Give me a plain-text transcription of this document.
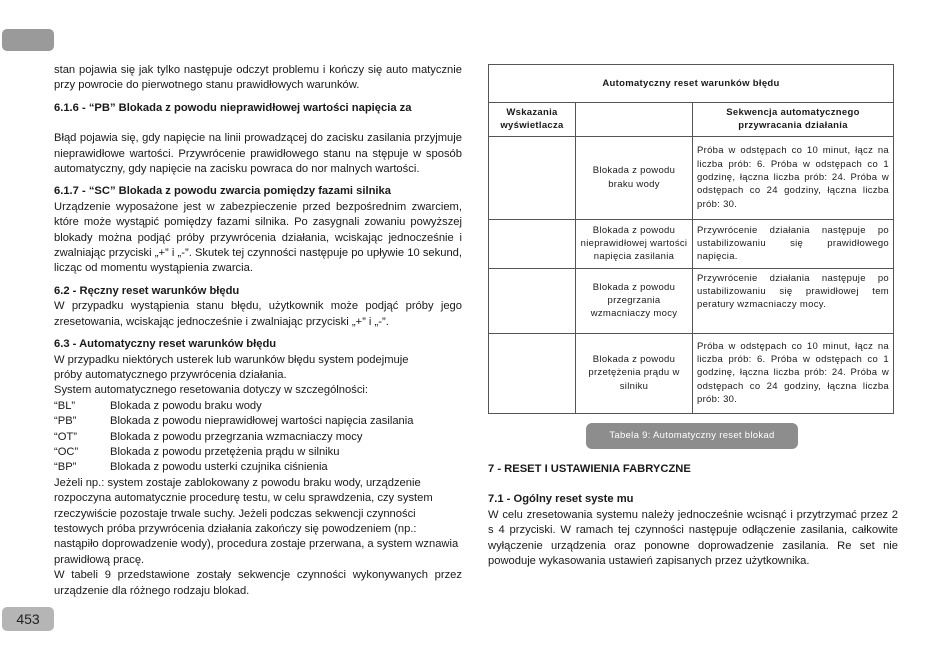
453

stan pojawia się jak tylko następuje odczyt problemu i kończy się auto matycznie przy powrocie do pierwotnego stanu prawidłowych warunków.

6.1.6 - “PB” Blokada z powodu nieprawidłowej wartości napięcia za

Błąd pojawia się, gdy napięcie na linii prowadzącej do zacisku zasilania przyjmuje nieprawidłowe wartości. Przywrócenie prawidłowego stanu na stępuje w sposób automatyczny, gdy napięcie na zacisku powraca do nor malnych wartości.

6.1.7 - “SC” Blokada z powodu zwarcia pomiędzy fazami silnika

Urządzenie wyposażone jest w zabezpieczenie przed bezpośrednim zwarciem, które może wystąpić pomiędzy fazami silnika. Po zasygnali zowaniu powyższej blokady można podjąć próby przywrócenia działania, wciskając jednocześnie i zwalniając przyciski „+” i „-”. Skutek tej czynności następuje po upływie 10 sekund, licząc od momentu wystąpienia zwarcia.

6.2 - Ręczny reset warunków błędu

W przypadku wystąpienia stanu błędu, użytkownik może podjąć próby jego zresetowania, wciskając jednocześnie i zwalniając przyciski „+” i „-”.

6.3 - Automatyczny reset warunków błędu

W przypadku niektórych usterek lub warunków błędu system podejmuje

próby automatycznego przywrócenia działania.

System automatycznego resetowania dotyczy w szczególności:

“BL”	Blokada z powodu braku wody
“PB”	Blokada z powodu nieprawidłowej wartości napięcia zasilania
“OT”	Blokada z powodu przegrzania wzmacniaczy mocy
“OC”	Blokada z powodu przetężenia prądu w silniku
“BP”	Blokada z powodu usterki czujnika ciśnienia

Jeżeli np.: system zostaje zablokowany z powodu braku wody, urządzenie rozpoczyna automatycznie procedurę testu, w celu sprawdzenia, czy system rzeczywiście pozostaje trwale suchy. Jeżeli podczas sekwencji czynności testowych próba przywrócenia działania zakończy się powodzeniem (np.: nastąpiło doprowadzenie wody), procedura zostaje przerwana, a system wznawia prawidłową pracę.

W tabeli 9 przedstawione zostały sekwencje czynności wykonywanych przez urządzenie dla różnego rodzaju blokad.

Automatyczny reset warunków błędu		
Wskazania wyświetlacza		Sekwencja automatycznego przywracania działania
	Blokada z powodu braku wody	Próba w odstępach co 10 minut, łącz na liczba prób: 6. Próba w odstępach co 1 godzinę, łączna liczba prób: 24. Próba w odstępach co 24 godziny, łączna liczba prób: 30.
	Blokada z powodu nieprawidłowej wartości napięcia zasilania	Przywrócenie działania następuje po ustabilizowaniu się prawidłowego napięcia.
	Blokada z powodu przegrzania wzmacniaczy mocy	Przywrócenie działania następuje po ustabilizowaniu się prawidłowej tem peratury wzmacniaczy mocy.
	Blokada z powodu przetężenia prądu w silniku	Próba w odstępach co 10 minut, łącz na liczba prób: 6. Próba w odstępach co 1 godzinę, łączna liczba prób: 24. Próba w odstępach co 24 godziny, łączna liczba prób: 30.
Tabela 9: Automatyczny reset blokad

7 - RESET I USTAWIENIA FABRYCZNE

7.1 - Ogólny reset syste mu

W celu zresetowania systemu należy jednocześnie wcisnąć i przytrzymać przez 2 s 4 przyciski. W ramach tej czynności następuje odłączenie zasilania, całkowite wyłączenie urządzenia oraz ponowne doprowadzenie zasilania. Re set nie powoduje wykasowania ustawień zapisanych przez użytkownika.
